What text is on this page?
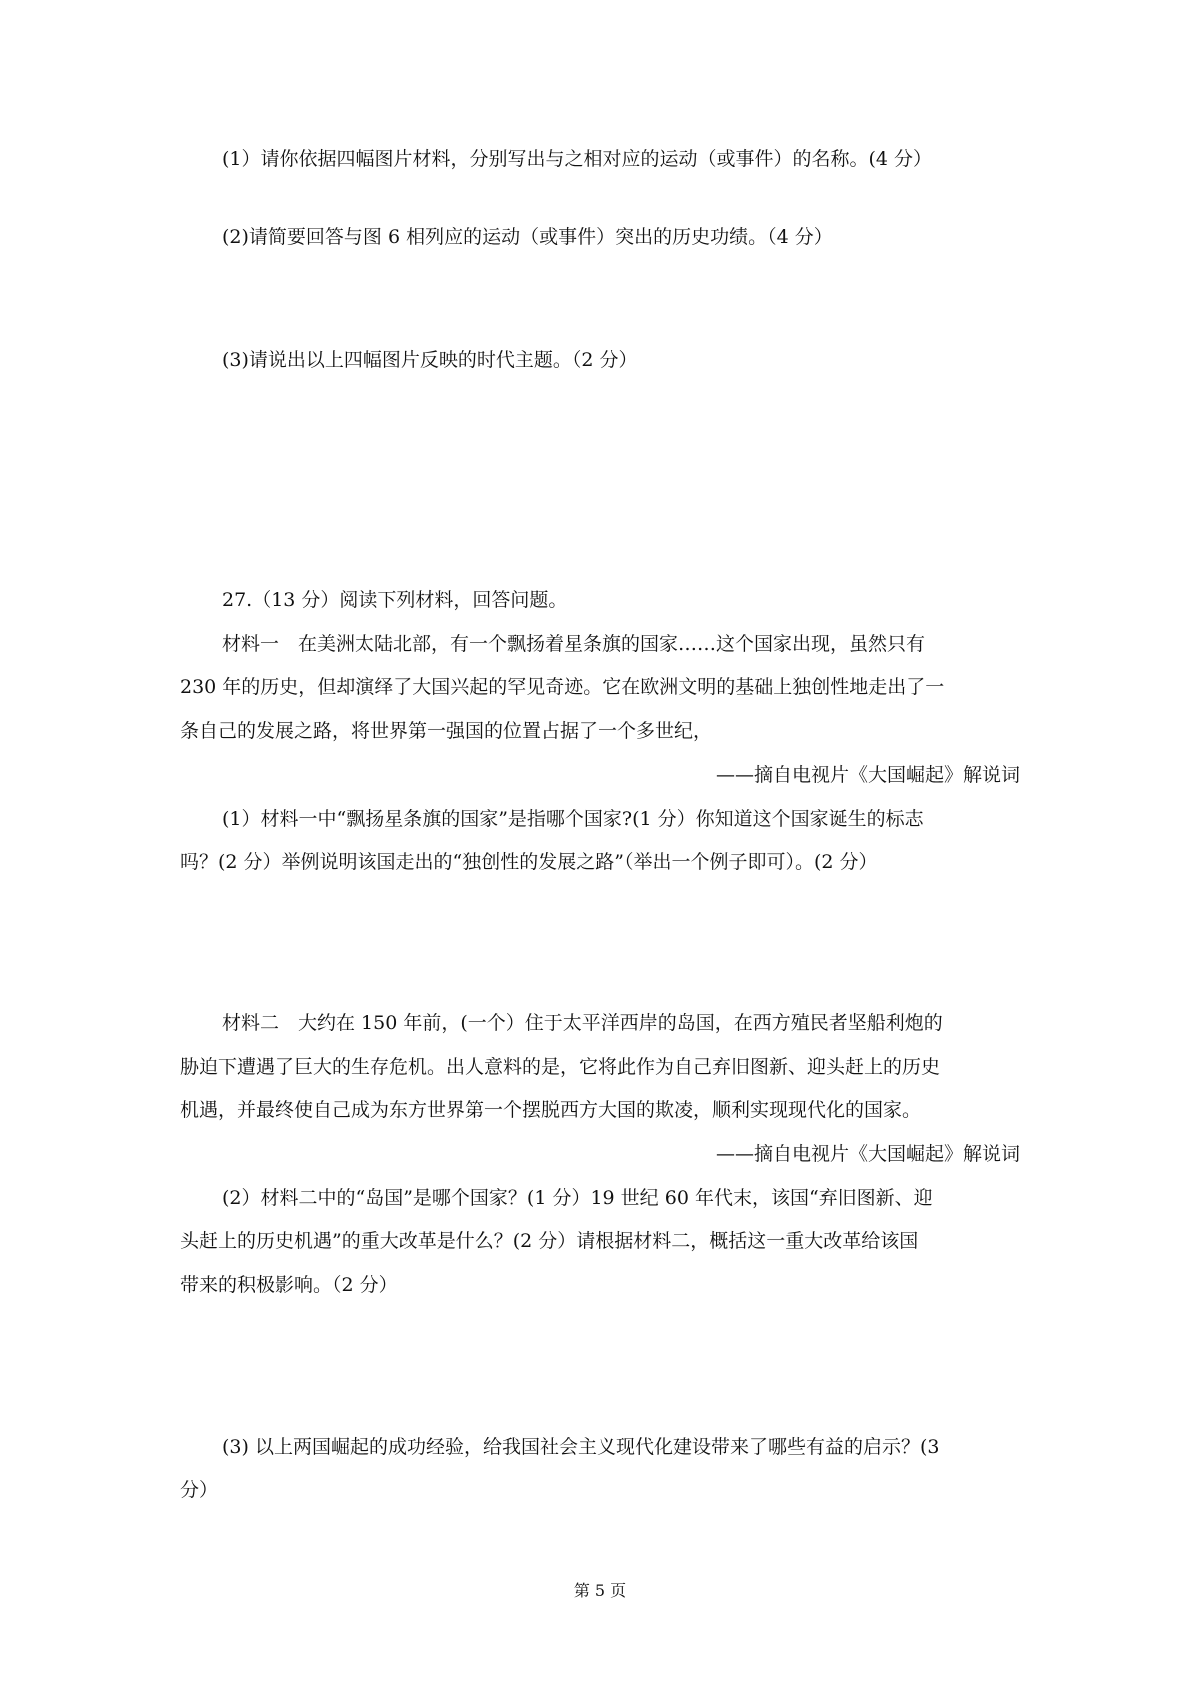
(1）请你依据四幅图片材料，分别写出与之相对应的运动（或事件）的名称。(4 分）
(2)请简要回答与图 6 相列应的运动（或事件）突出的历史功绩。（4 分）
(3)请说出以上四幅图片反映的时代主题。（2 分）
27.（13 分）阅读下列材料，回答问题。
材料一　在美洲太陆北部，有一个飘扬着星条旗的国家……这个国家出现，虽然只有
230 年的历史，但却演绎了大国兴起的罕见奇迹。它在欧洲文明的基础上独创性地走出了一
条自己的发展之路，将世界第一强国的位置占据了一个多世纪，
——摘自电视片《大国崛起》解说词
(1）材料一中“飘扬星条旗的国家”是指哪个国家?(1 分）你知道这个国家诞生的标志
吗？(2 分）举例说明该国走出的“独创性的发展之路”（举出一个例子即可）。(2 分）
材料二　大约在 150 年前，(一个）住于太平洋西岸的岛国，在西方殖民者坚船利炮的
胁迫下遭遇了巨大的生存危机。出人意料的是，它将此作为自己弃旧图新、迎头赶上的历史
机遇，并最终使自己成为东方世界第一个摆脱西方大国的欺凌，顺利实现现代化的国家。
——摘自电视片《大国崛起》解说词
(2）材料二中的“岛国”是哪个国家？(1 分）19 世纪 60 年代末，该国“弃旧图新、迎
头赶上的历史机遇”的重大改革是什么？(2 分）请根据材料二，概括这一重大改革给该国
带来的积极影响。（2 分）
(3) 以上两国崛起的成功经验，给我国社会主义现代化建设带来了哪些有益的启示？(3
分）
第 5 页
